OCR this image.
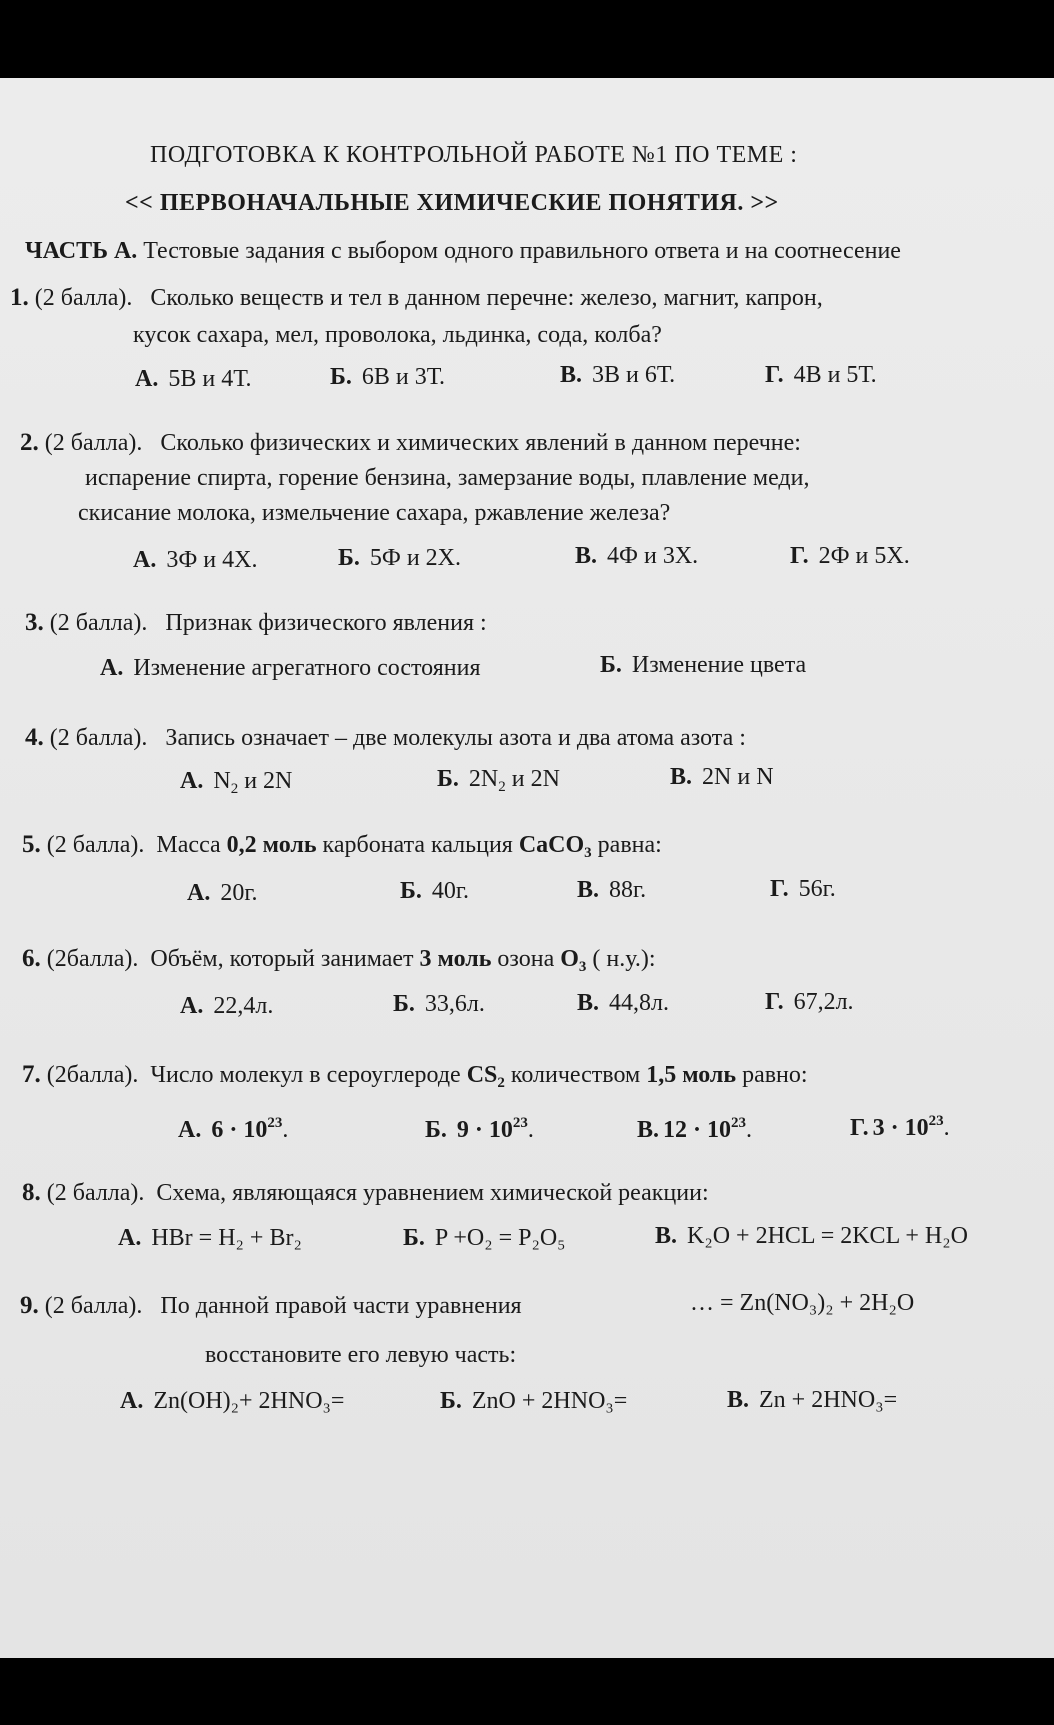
ПОДГОТОВКА К КОНТРОЛЬНОЙ РАБОТЕ №1 ПО ТЕМЕ :
<< ПЕРВОНАЧАЛЬНЫЕ ХИМИЧЕСКИЕ ПОНЯТИЯ. >>
ЧАСТЬ А. Тестовые задания с выбором одного правильного ответа и на соотнесение
1. (2 балла). Сколько веществ и тел в данном перечне: железо, магнит, капрон,
кусок сахара, мел, проволока, льдинка, сода, колба?
А. 5В и 4Т.	Б. 6В и 3Т.	В. 3В и 6Т.	Г. 4В и 5Т.
2. (2 балла). Сколько физических и химических явлений в данном перечне:
испарение спирта, горение бензина, замерзание воды, плавление меди,
скисание молока, измельчение сахара, ржавление железа?
А. 3Ф и 4Х.	Б. 5Ф и 2Х.	В. 4Ф и 3Х.	Г. 2Ф и 5Х.
3. (2 балла). Признак физического явления :
А. Изменение агрегатного состояния	Б. Изменение цвета
4. (2 балла). Запись означает – две молекулы азота и два атома азота :
А. $N_2$ и 2N	Б. $2N_2$ и 2N	В. 2N и N
5. (2 балла). Масса 0,2 моль карбоната кальция CaCO$_3$ равна:
А. 20г.	Б. 40г.	В. 88г.	Г. 56г.
6. (2балла). Объём, который занимает 3 моль озона $O_3$ ( н.у.):
А. 22,4л.	Б. 33,6л.	В. 44,8л.	Г. 67,2л.
7. (2балла). Число молекул в сероуглероде $CS_2$ количеством 1,5 моль равно:
А. $6 \cdot 10^{23}$.	Б. $9 \cdot 10^{23}$.	В. $12 \cdot 10^{23}$.	Г. $3 \cdot 10^{23}$.
8. (2 балла). Схема, являющаяся уравнением химической реакции:
А. HBr = H₂ + Br₂	Б. P +O₂ = P₂O₅	В. K₂O + 2HCL = 2KCL + H₂O
9. (2 балла). По данной правой части уравнения	… = Zn(NO₃)₂ + 2H₂O
восстановите его левую часть:
А. Zn(OH)₂+ 2HNO₃=	Б. ZnO + 2HNO₃=	В. Zn + 2HNO₃=
